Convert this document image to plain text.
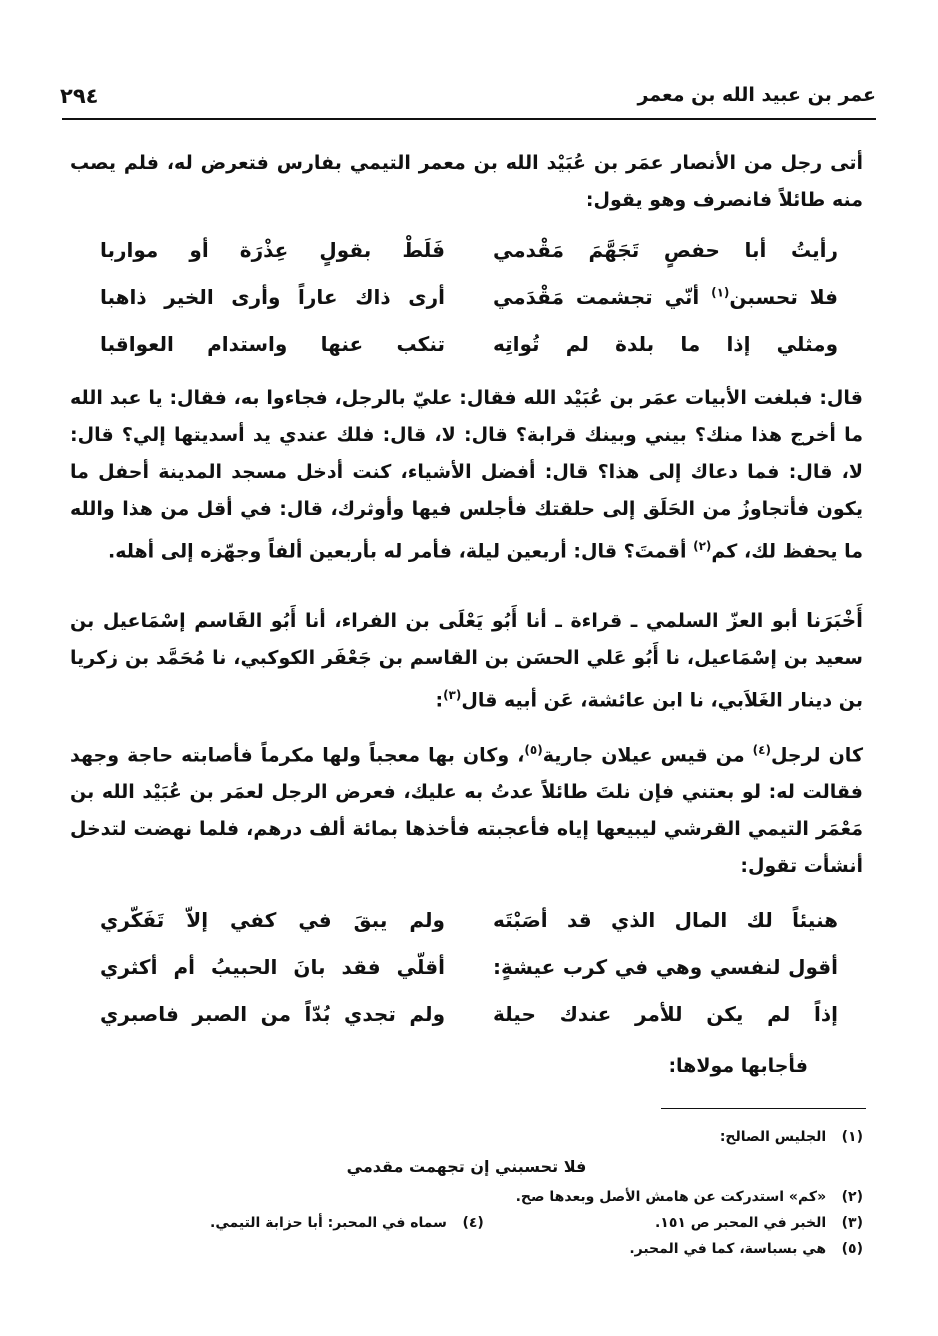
عمر بن عبيد الله بن معمر
٢٩٤
أتى رجل من الأنصار عمَر بن عُبَيْد الله بن معمر التيمي بفارس فتعرض له، فلم يصب منه طائلاً فانصرف وهو يقول:
رأيتُ أبا حفصٍ تَجَهَّمَ مَقْدمي
فَلَطْ بقولٍ عِذْرَة أو مواربا
فلا تحسبن$^{(١)}$ أنّي تجشمت مَقْدَمي
أرى ذاك عاراً وأرى الخير ذاهبا
ومثلي إذا ما بلدة لم تُواتِه
تنكب عنها واستدام العواقبا
قال: فبلغت الأبيات عمَر بن عُبَيْد الله فقال: عليّ بالرجل، فجاءوا به، فقال: يا عبد الله ما أخرج هذا منك؟ بيني وبينك قرابة؟ قال: لا، قال: فلك عندي يد أسديتها إلي؟ قال: لا، قال: فما دعاك إلى هذا؟ قال: أفضل الأشياء، كنت أدخل مسجد المدينة أحفل ما يكون فأتجاوزُ من الحَلَق إلى حلقتك فأجلس فيها وأوثرك، قال: في أقل من هذا والله ما يحفظ لك، كم$^{(٢)}$ أقمتَ؟ قال: أربعين ليلة، فأمر له بأربعين ألفاً وجهّزه إلى أهله.
أَخْبَرَنا أبو العزّ السلمي ـ قراءة ـ أنا أَبُو يَعْلَى بن الفراء، أنا أَبُو القَاسم إسْمَاعيل بن سعيد بن إسْمَاعيل، نا أَبُو عَلي الحسَن بن القاسم بن جَعْفَر الكوكبي، نا مُحَمَّد بن زكريا بن دينار الغَلاَبي، نا ابن عائشة، عَن أبيه قال$^{(٣)}$:
كان لرجل$^{(٤)}$ من قيس عيلان جارية$^{(٥)}$، وكان بها معجباً ولها مكرماً فأصابته حاجة وجهد فقالت له: لو بعتني فإن نلتَ طائلاً عدتُ به عليك، فعرض الرجل لعمَر بن عُبَيْد الله بن مَعْمَر التيمي القرشي ليبيعها إياه فأعجبته فأخذها بمائة ألف درهم، فلما نهضت لتدخل أنشأت تقول:
هنيئاً لك المال الذي قد أصَبْتَه
ولم يبقَ في كفي إلاّ تَفَكّري
أقول لنفسي وهي في كرب عيشةٍ:
أقلّي فقد بانَ الحبيبُ أم أكثري
إذاً لم يكن للأمر عندك حيلة
ولم تجدي بُدّاً من الصبر فاصبري
فأجابها مولاها:
(١) الجليس الصالح:
فلا تحسبني إن تجهمت مقدمي
(٢) «كم» استدركت عن هامش الأصل وبعدها صح.
(٣) الخبر في المحبر ص ١٥١.
(٤) سماه في المحبر: أبا حزابة التيمي.
(٥) هي بسباسة، كما في المحبر.
